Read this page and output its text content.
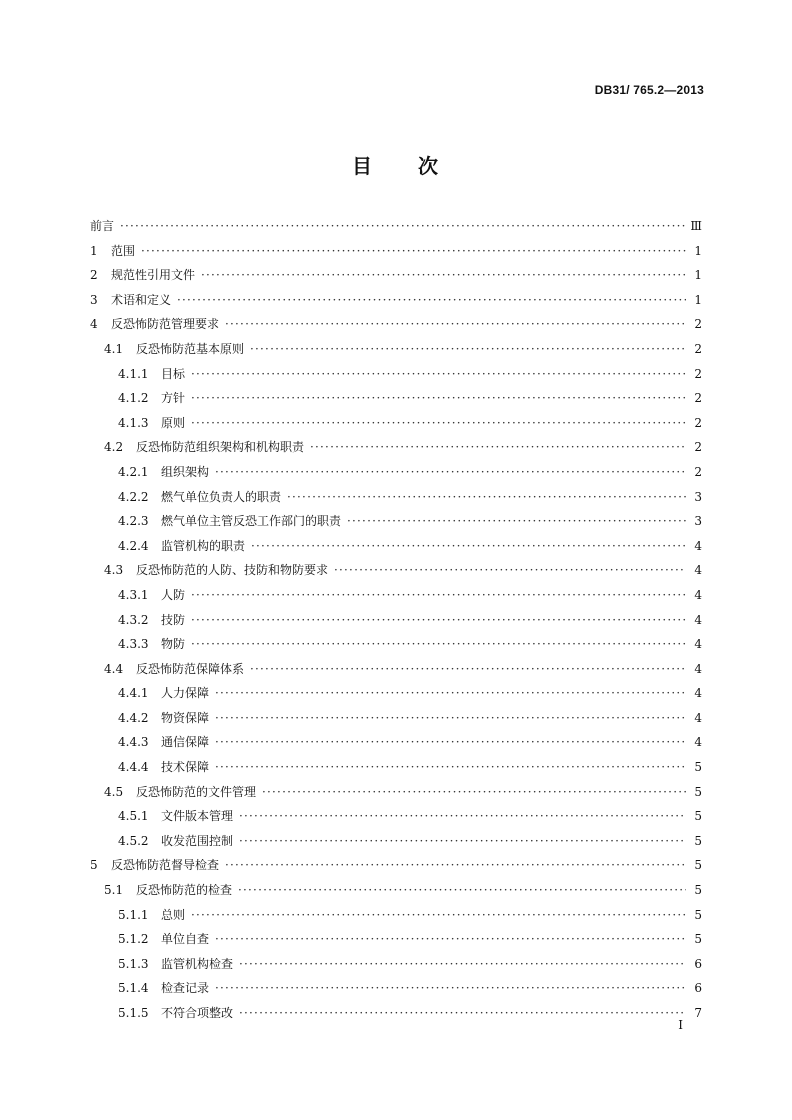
DB31/ 765.2—2013
目 次
前言 ·····	Ⅲ
1	范围 ·····	1
2	规范性引用文件 ·····	1
3	术语和定义 ·····	1
4	反恐怖防范管理要求 ·····	2
4.1	反恐怖防范基本原则 ·····	2
4.1.1	目标 ·····	2
4.1.2	方针 ·····	2
4.1.3	原则 ·····	2
4.2	反恐怖防范组织架构和机构职责 ·····	2
4.2.1	组织架构 ·····	2
4.2.2	燃气单位负责人的职责 ·····	3
4.2.3	燃气单位主管反恐工作部门的职责 ·····	3
4.2.4	监管机构的职责 ·····	4
4.3	反恐怖防范的人防、技防和物防要求 ·····	4
4.3.1	人防 ·····	4
4.3.2	技防 ·····	4
4.3.3	物防 ·····	4
4.4	反恐怖防范保障体系 ·····	4
4.4.1	人力保障 ·····	4
4.4.2	物资保障 ·····	4
4.4.3	通信保障 ·····	4
4.4.4	技术保障 ·····	5
4.5	反恐怖防范的文件管理 ·····	5
4.5.1	文件版本管理 ·····	5
4.5.2	收发范围控制 ·····	5
5	反恐怖防范督导检查 ·····	5
5.1	反恐怖防范的检查 ·····	5
5.1.1	总则 ·····	5
5.1.2	单位自查 ·····	5
5.1.3	监管机构检查 ·····	6
5.1.4	检查记录 ·····	6
5.1.5	不符合项整改 ·····	7
I
